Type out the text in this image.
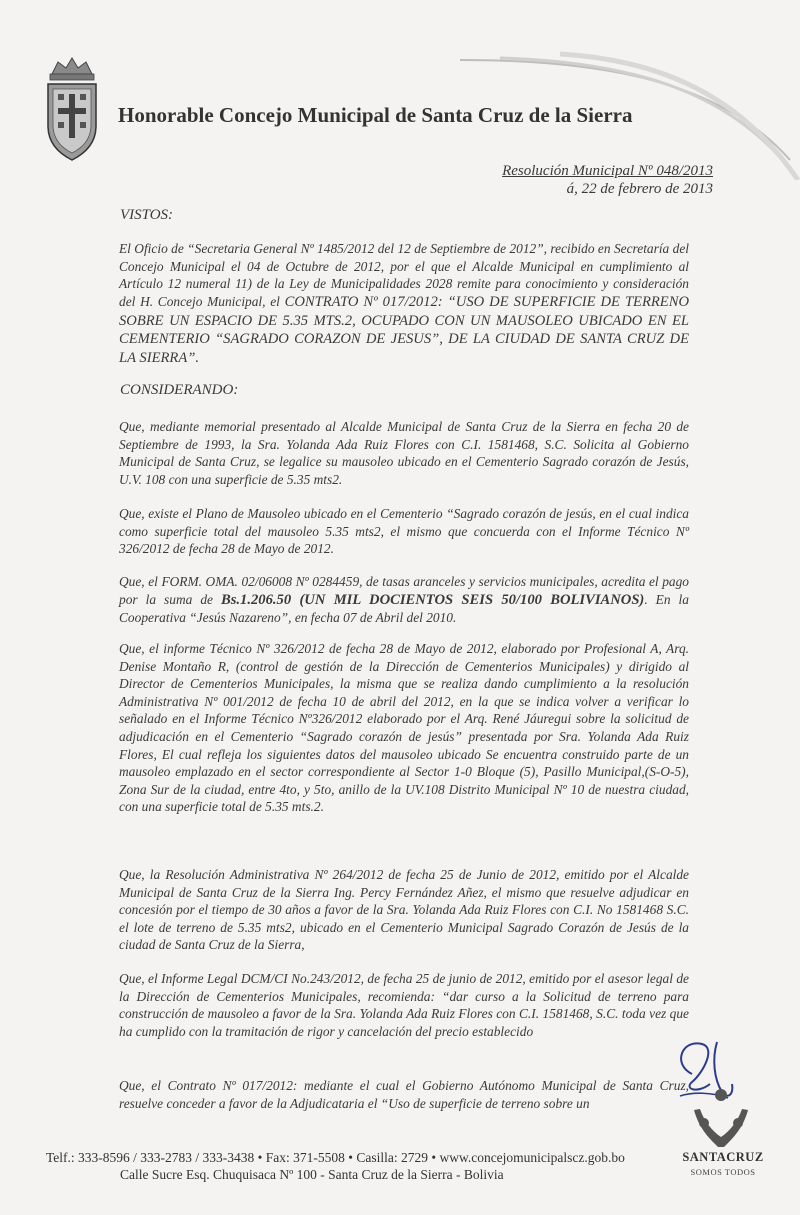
Honorable Concejo Municipal de Santa Cruz de la Sierra
Resolución Municipal Nº 048/2013
á, 22 de febrero de 2013
VISTOS:

El Oficio de “Secretaria General Nº 1485/2012 del 12 de Septiembre de 2012”, recibido en Secretaría del Concejo Municipal el 04 de Octubre de 2012, por el que el Alcalde Municipal en cumplimiento al Artículo 12 numeral 11) de la Ley de Municipalidades 2028 remite para conocimiento y consideración del H. Concejo Municipal, el CONTRATO Nº 017/2012: “USO DE SUPERFICIE DE TERRENO SOBRE UN ESPACIO DE 5.35 MTS.2, OCUPADO CON UN MAUSOLEO UBICADO EN EL CEMENTERIO “SAGRADO CORAZON DE JESUS”, DE LA CIUDAD DE SANTA CRUZ DE LA SIERRA”.

CONSIDERANDO:

Que, mediante memorial presentado al Alcalde Municipal de Santa Cruz de la Sierra en fecha 20 de Septiembre de 1993, la Sra. Yolanda Ada Ruiz Flores con C.I. 1581468, S.C. Solicita al Gobierno Municipal de Santa Cruz, se legalice su mausoleo ubicado en el Cementerio Sagrado corazón de Jesús, U.V. 108 con una superficie de 5.35 mts2.

Que, existe el Plano de Mausoleo ubicado en el Cementerio “Sagrado corazón de jesús, en el cual indica como superficie total del mausoleo 5.35 mts2, el mismo que concuerda con el Informe Técnico Nº 326/2012 de fecha 28 de Mayo de 2012.

Que, el FORM. OMA. 02/06008 Nº 0284459, de tasas aranceles y servicios municipales, acredita el pago por la suma de Bs.1.206.50 (UN MIL DOCIENTOS SEIS 50/100 BOLIVIANOS). En la Cooperativa “Jesús Nazareno”, en fecha 07 de Abril del 2010.

Que, el informe Técnico Nº 326/2012 de fecha 28 de Mayo de 2012, elaborado por Profesional A, Arq. Denise Montaño R, (control de gestión de la Dirección de Cementerios Municipales) y dirigido al Director de Cementerios Municipales, la misma que se realiza dando cumplimiento a la resolución Administrativa Nº 001/2012 de fecha 10 de abril del 2012, en la que se indica volver a verificar lo señalado en el Informe Técnico Nº326/2012 elaborado por el Arq. René Jáuregui sobre la solicitud de adjudicación en el Cementerio “Sagrado corazón de jesús” presentada por Sra. Yolanda Ada Ruiz Flores, El cual refleja los siguientes datos del mausoleo ubicado Se encuentra construido parte de un mausoleo emplazado en el sector correspondiente al Sector 1-0 Bloque (5), Pasillo Municipal,(S-O-5), Zona Sur de la ciudad, entre 4to, y 5to, anillo de la UV.108 Distrito Municipal Nº 10 de nuestra ciudad, con una superficie total de 5.35 mts.2.

Que, la Resolución Administrativa Nº 264/2012 de fecha 25 de Junio de 2012, emitido por el Alcalde Municipal de Santa Cruz de la Sierra Ing. Percy Fernández Añez, el mismo que resuelve adjudicar en concesión por el tiempo de 30 años a favor de la Sra. Yolanda Ada Ruiz Flores con C.I. No 1581468 S.C. el lote de terreno de 5.35 mts2, ubicado en el Cementerio Municipal Sagrado Corazón de Jesús de la ciudad de Santa Cruz de la Sierra,

Que, el Informe Legal DCM/CI No.243/2012, de fecha 25 de junio de 2012, emitido por el asesor legal de la Dirección de Cementerios Municipales, recomienda: “dar curso a la Solicitud de terreno para construcción de mausoleo a favor de la Sra. Yolanda Ada Ruiz Flores con C.I. 1581468, S.C. toda vez que ha cumplido con la tramitación de rigor y cancelación del precio establecido

Que, el Contrato Nº 017/2012: mediante el cual el Gobierno Autónomo Municipal de Santa Cruz, resuelve conceder a favor de la Adjudicataria el “Uso de superficie de terreno sobre un

SANTACRUZ
SOMOS TODOS
Telf.: 333-8596 / 333-2783 / 333-3438 • Fax: 371-5508 • Casilla: 2729 • www.concejomunicipalscz.gob.bo
Calle Sucre Esq. Chuquisaca Nº 100 - Santa Cruz de la Sierra - Bolivia
